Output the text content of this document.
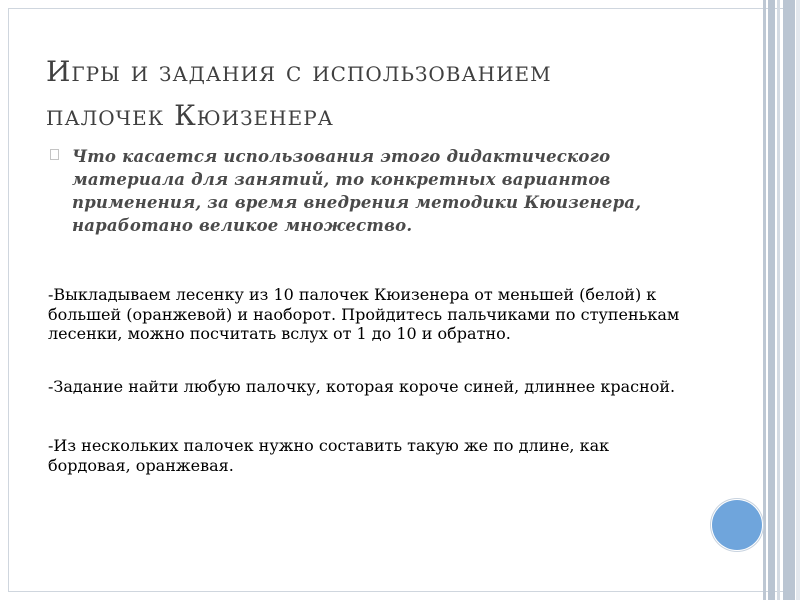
Игры и задания с использованием
палочек Кюизенера
Что касается использования этого дидактического материала для занятий, то конкретных вариантов применения, за время внедрения методики Кюизенера, наработано великое множество.

-Выкладываем лесенку из 10 палочек Кюизенера от меньшей (белой) к большей (оранжевой) и наоборот. Пройдитесь пальчиками по ступенькам лесенки, можно посчитать вслух от 1 до 10 и обратно.

-Задание найти любую палочку, которая короче синей, длиннее красной.

-Из нескольких палочек нужно составить такую же по длине, как бордовая, оранжевая.
